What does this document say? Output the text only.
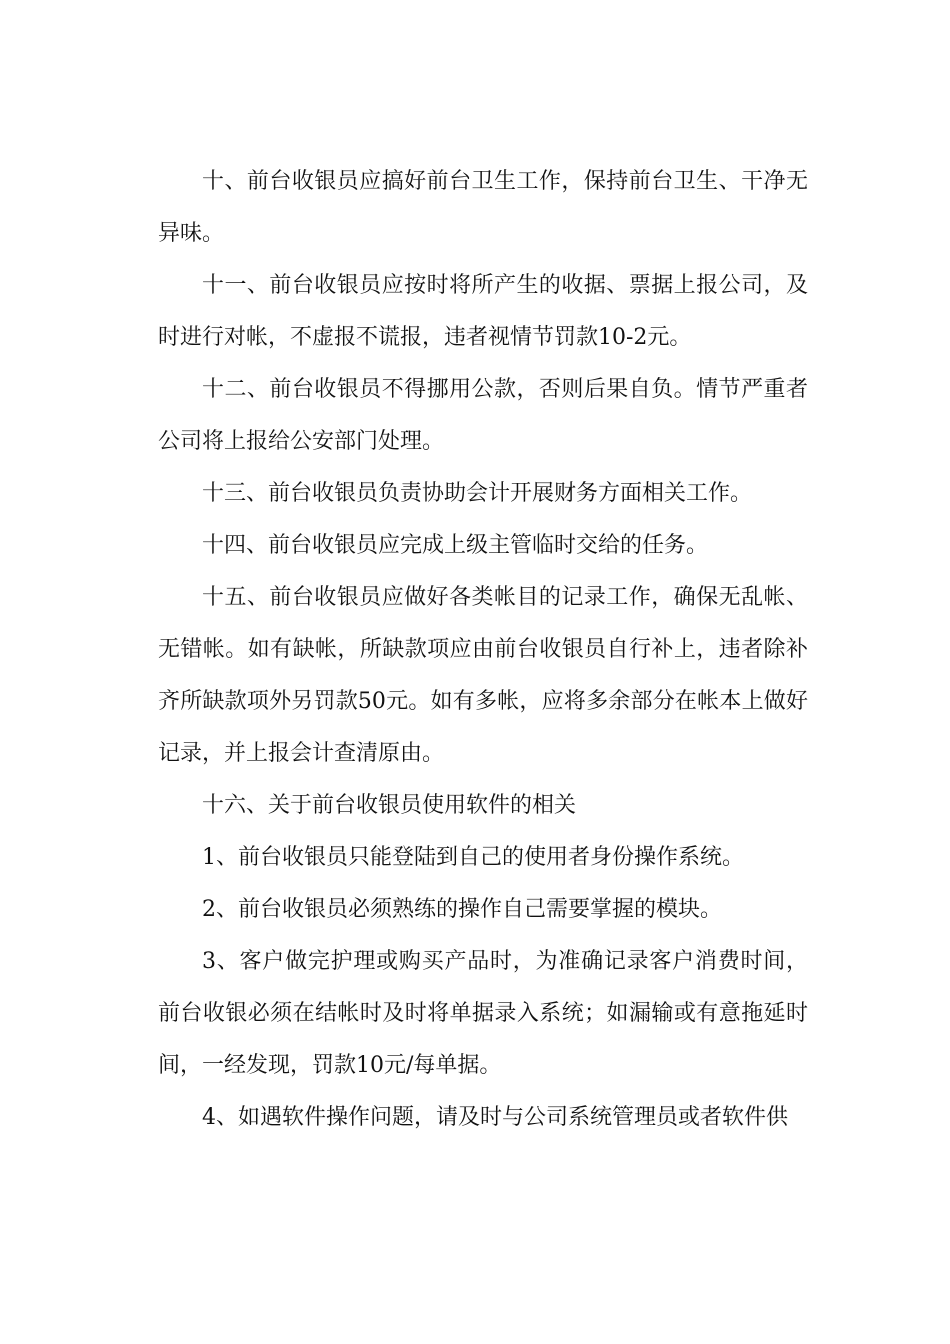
十、前台收银员应搞好前台卫生工作，保持前台卫生、干净无异味。

十一、前台收银员应按时将所产生的收据、票据上报公司，及时进行对帐，不虚报不谎报，违者视情节罚款10-2元。

十二、前台收银员不得挪用公款，否则后果自负。情节严重者公司将上报给公安部门处理。

十三、前台收银员负责协助会计开展财务方面相关工作。

十四、前台收银员应完成上级主管临时交给的任务。

十五、前台收银员应做好各类帐目的记录工作，确保无乱帐、无错帐。如有缺帐，所缺款项应由前台收银员自行补上，违者除补齐所缺款项外另罚款50元。如有多帐，应将多余部分在帐本上做好记录，并上报会计查清原由。

十六、关于前台收银员使用软件的相关

1、前台收银员只能登陆到自己的使用者身份操作系统。

2、前台收银员必须熟练的操作自己需要掌握的模块。

3、客户做完护理或购买产品时，为准确记录客户消费时间，前台收银必须在结帐时及时将单据录入系统；如漏输或有意拖延时间，一经发现，罚款10元/每单据。

4、如遇软件操作问题，请及时与公司系统管理员或者软件供
